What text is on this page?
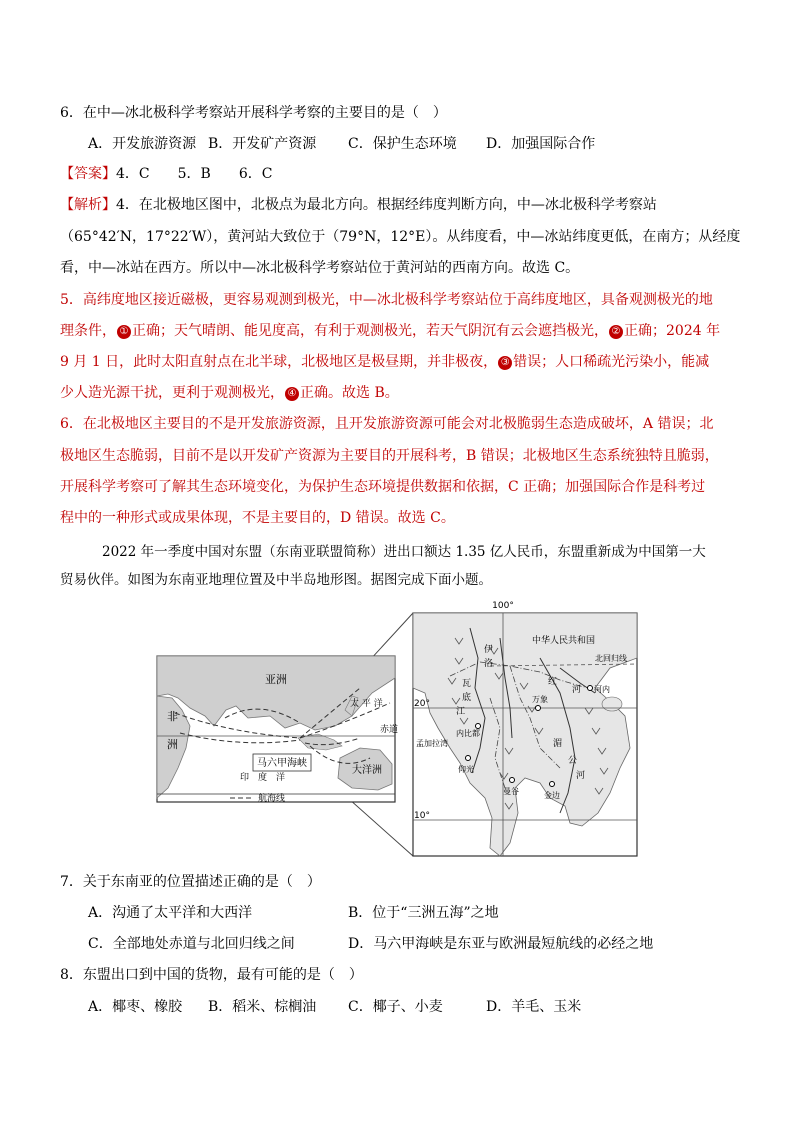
6．在中—冰北极科学考察站开展科学考察的主要目的是（　）
A．开发旅游资源 B．开发矿产资源 C．保护生态环境 D．加强国际合作
【答案】4．C　　5．B　　6．C
【解析】4．在北极地区图中，北极点为最北方向。根据经纬度判断方向，中—冰北极科学考察站
（65°42′N，17°22′W），黄河站大致位于（79°N，12°E）。从纬度看，中—冰站纬度更低，在南方；从经度
看，中—冰站在西方。所以中—冰北极科学考察站位于黄河站的西南方向。故选 C。
5．高纬度地区接近磁极，更容易观测到极光，中—冰北极科学考察站位于高纬度地区，具备观测极光的地
理条件， ① 正确；天气晴朗、能见度高，有利于观测极光，若天气阴沉有云会遮挡极光， ② 正确；2024 年
9 月 1 日，此时太阳直射点在北半球，北极地区是极昼期，并非极夜， ③ 错误；人口稀疏光污染小，能减
少人造光源干扰，更利于观测极光， ④ 正确。故选 B。
6．在北极地区主要目的不是开发旅游资源，且开发旅游资源可能会对北极脆弱生态造成破坏，A 错误；北
极地区生态脆弱，目前不是以开发矿产资源为主要目的开展科考，B 错误；北极地区生态系统独特且脆弱，
开展科学考察可了解其生态环境变化，为保护生态环境提供数据和依据，C 正确；加强国际合作是科考过
程中的一种形式或成果体现，不是主要目的，D 错误。故选 C。
2022 年一季度中国对东盟（东南亚联盟简称）进出口额达 1.35 亿人民币，东盟重新成为中国第一大
贸易伙伴。如图为东南亚地理位置及中半岛地形图。据图完成下面小题。
亚洲
非
洲
太 平 洋
赤道
大洋洲
印　度　洋
马六甲海峡
航海线
100°
中华人民共和国
北回归线
20°
10°
伊
洛
瓦
底
江
红
河 河内
内比都
万象
湄
公
河
孟加拉湾
仰光
曼谷	金边
7．关于东南亚的位置描述正确的是（　）
A．沟通了太平洋和大西洋	B．位于“三洲五海”之地
C．全部地处赤道与北回归线之间	D．马六甲海峡是东亚与欧洲最短航线的必经之地
8．东盟出口到中国的货物，最有可能的是（　）
A．椰枣、橡胶 B．稻米、棕榈油 C．椰子、小麦	D．羊毛、玉米
